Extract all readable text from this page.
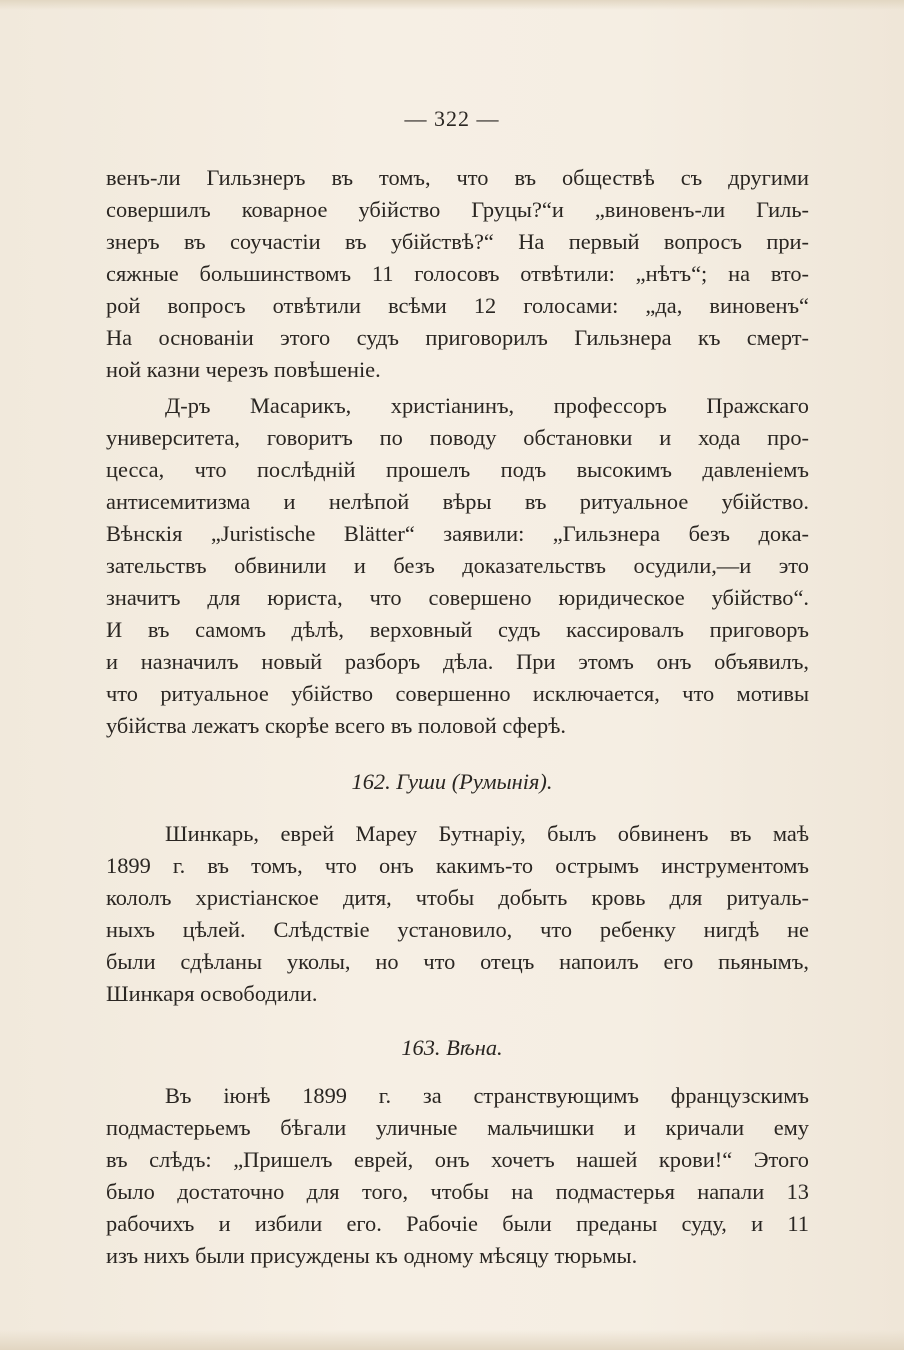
— 322 —
венъ-ли Гильзнеръ въ томъ, что въ обществѣ съ другими
совершилъ коварное убійство Груцы?“и „виновенъ-ли Гиль-
знеръ въ соучастіи въ убійствѣ?“ На первый вопросъ при-
сяжные большинствомъ 11 голосовъ отвѣтили: „нѣтъ“; на вто-
рой вопросъ отвѣтили всѣми 12 голосами: „да, виновенъ“
На основаніи этого судъ приговорилъ Гильзнера къ смерт-
ной казни черезъ повѣшеніе.
Д-ръ Масарикъ, христіанинъ, профессоръ Пражскаго
университета, говоритъ по поводу обстановки и хода про-
цесса, что послѣдній прошелъ подъ высокимъ давленіемъ
антисемитизма и нелѣпой вѣры въ ритуальное убійство.
Вѣнскія „Juristische Blätter“ заявили: „Гильзнера безъ дока-
зательствъ обвинили и безъ доказательствъ осудили,—и это
значитъ для юриста, что совершено юридическое убійство“.
И въ самомъ дѣлѣ, верховный судъ кассировалъ приговоръ
и назначилъ новый разборъ дѣла. При этомъ онъ объявилъ,
что ритуальное убійство совершенно исключается, что мотивы
убійства лежатъ скорѣе всего въ половой сферѣ.
162. Гуши (Румынія).
Шинкарь, еврей Мареу Бутнаріу, былъ обвиненъ въ маѣ
1899 г. въ томъ, что онъ какимъ-то острымъ инструментомъ
кололъ христіанское дитя, чтобы добыть кровь для ритуаль-
ныхъ цѣлей. Слѣдствіе установило, что ребенку нигдѣ не
были сдѣланы уколы, но что отецъ напоилъ его пьянымъ,
Шинкаря освободили.
163. Вѣна.
Въ іюнѣ 1899 г. за странствующимъ французскимъ
подмастерьемъ бѣгали уличные мальчишки и кричали ему
въ слѣдъ: „Пришелъ еврей, онъ хочетъ нашей крови!“ Этого
было достаточно для того, чтобы на подмастерья напали 13
рабочихъ и избили его. Рабочіе были преданы суду, и 11
изъ нихъ были присуждены къ одному мѣсяцу тюрьмы.
